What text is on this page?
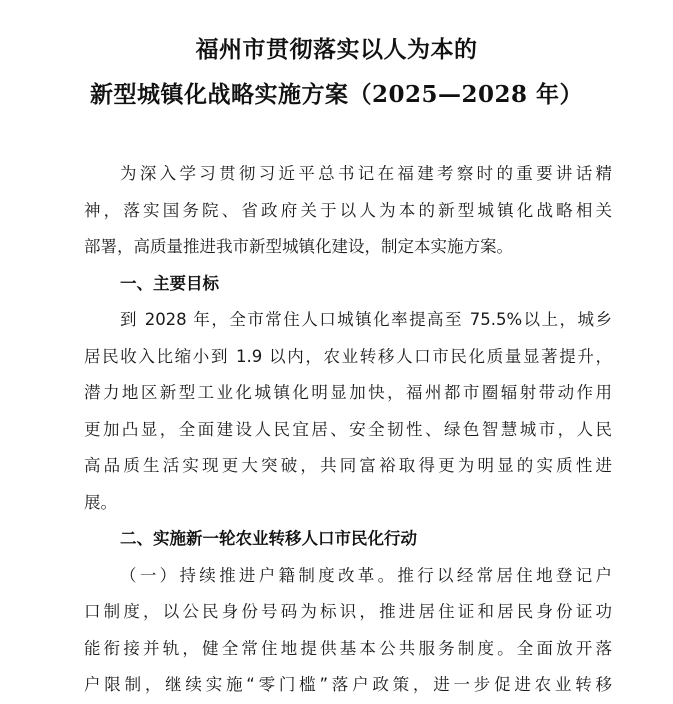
福州市贯彻落实以人为本的
新型城镇化战略实施方案（2025—2028 年）
为深入学习贯彻习近平总书记在福建考察时的重要讲话精
神，落实国务院、省政府关于以人为本的新型城镇化战略相关
部署，高质量推进我市新型城镇化建设，制定本实施方案。
一、主要目标
到 2028 年，全市常住人口城镇化率提高至 75.5%以上，城乡
居民收入比缩小到 1.9 以内，农业转移人口市民化质量显著提升，
潜力地区新型工业化城镇化明显加快，福州都市圈辐射带动作用
更加凸显，全面建设人民宜居、安全韧性、绿色智慧城市，人民
高品质生活实现更大突破，共同富裕取得更为明显的实质性进
展。
二、实施新一轮农业转移人口市民化行动
（一）持续推进户籍制度改革。推行以经常居住地登记户
口制度，以公民身份号码为标识，推进居住证和居民身份证功
能衔接并轨，健全常住地提供基本公共服务制度。全面放开落
户限制，继续实施“零门槛”落户政策，进一步促进农业转移
